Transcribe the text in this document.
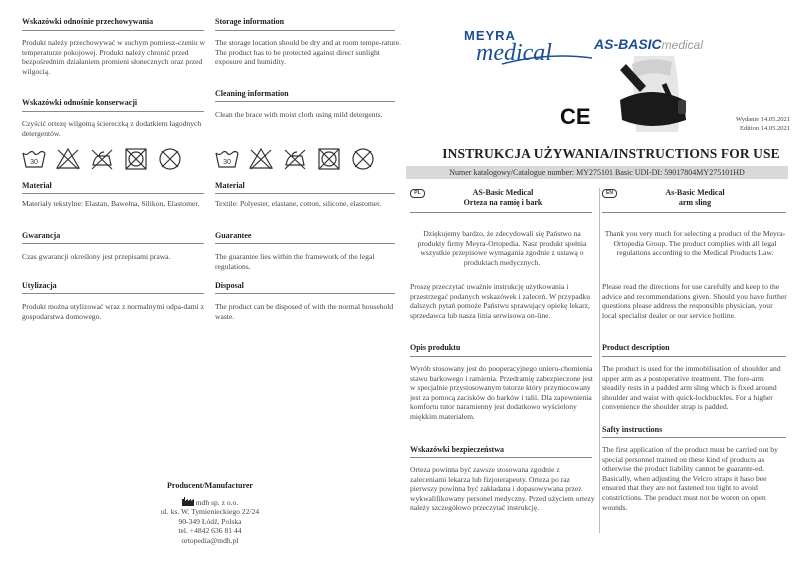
Wskazówki odnośnie przechowywania

Produkt należy przechowywać w suchym pomiesz-czeniu w temperaturze pokojowej. Produkt należy chronić przed bezpośrednim działaniem promieni słonecznych oraz przed wilgocią.

Wskazówki odnośnie konserwacji

Czyścić ortezę wilgotną ściereczką z dodatkiem łagodnych detergentów.

30

Materiał

Materiały tekstylne: Elastan, Bawełna, Silikon, Elastomer.

Gwarancja

Czas gwarancji określony jest przepisami prawa.

Utylizacja

Produkt można utylizować wraz z normalnymi odpa-dami z gospodarstwa domowego.

Storage information

The storage location should be dry and at room tempe-rature. The product has to be protected against direct sunlight exposure and humidity.

Cleaning information

Clean the brace with moist cloth using mild detergents.

30

Material

Textile: Polyester, elastane, cotton, silicone, elastomer.

Guarantee

The guarantee lies within the framework of the legal regulations.

Disposal

The product can be disposed of with the normal household waste.

Producent/Manufacturer

mdh sp. z o.o.

ul. ks. W. Tymienieckiego 22/24

90-349 Łódź, Polska

tel. +4842 636 81 44

ortopedia@mdh.pl

MEYRA
medical	AS-BASICmedical
CE	Wydanie 14.05.2021
Edition 14.05.2021
INSTRUKCJA UŻYWANIA/INSTRUCTIONS FOR USE
Numer katalogowy/Catalogue number: MY275101 Basic UDI-DI: 59017804MY275101HD
PL	AS-Basic Medical

Orteza na ramię i bark

Dziękujemy bardzo, że zdecydowali się Państwo na produkty firmy Meyra-Ortopedia. Nasz produkt spełnia wszystkie przepisowe wymagania zgodnie z ustawą o produktach medycznych.

Proszę przeczytać uważnie instrukcję użytkowania i przestrzegać podanych wskazówek i zaleceń. W przypadku dalszych pytań pomoże Państwu sprawujący opiekę lekarz, sprzedawca lub nasza linia serwisowa on-line.

Opis produktu

Wyrób stosowany jest do pooperacyjnego unieru-chomienia stawu barkowego i ramienia. Przedramię zabezpieczone jest w specjalnie przystosowanym tutorze który przymocowany jest za pomocą zacisków do barków i talii. Dla zapewnienia komfortu tutor naramienny jest dodatkowo wyścielony miękkim materiałem.

Wskazówki bezpieczeństwa

Orteza powinna być zawsze stosowana zgodnie z zaleceniami lekarza lub fizjoterapeuty. Orteza po raz pierwszy powinna być zakładana i dopasowywana przez wykwalifikowany personel medyczny. Przed użyciem ortezy należy szczegółowo przeczytać instrukcję.

EN	As-Basic Medical

arm sling

Thank you very much for selecting a product of the Meyra-Ortopedia Group. The product complies with all legal regulations according to the Medical Products Law.

Please read the directions for use carefully and keep to the advice and recommendations given. Should you have further questions please address the responsible physician, your local specialist dealer or our service hotline.

Product description

The product is used for the immobilisation of shoulder and upper arm as a postoperative treatment. The fore-arm steadily rests in a padded arm sling which is fixed around shoulder and waist with quick-lockbuckles. For a higher convenience the shoulder strap is padded.

Safty instructions

The first application of the product must be carried out by special personnel trained on these kind of products as otherwise the product liability cannot be guarante-ed.

Basically, when adjusting the Velcro straps it haso bee ensured that they are not fastened too tight to avoid constrictions. The product must not be woren on open wounds.
